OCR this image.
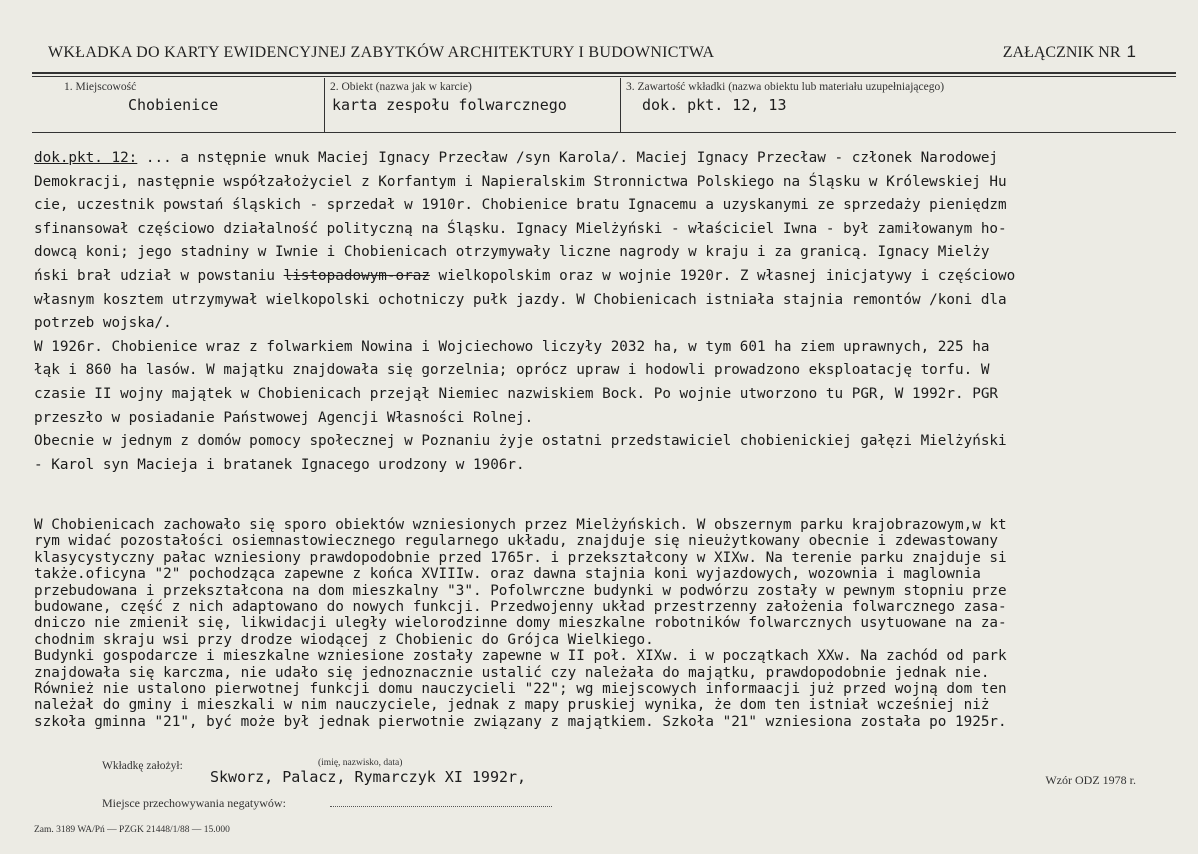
WKŁADKA DO KARTY EWIDENCYJNEJ ZABYTKÓW ARCHITEKTURY I BUDOWNICTWA	ZAŁĄCZNIK NR 1
1. Miejscowość
Chobienice
2. Obiekt (nazwa jak w karcie)
karta zespołu folwarcznego
3. Zawartość wkładki (nazwa obiektu lub materiału uzupełniającego)
dok. pkt. 12, 13
dok.pkt. 12: ... a nstępnie wnuk Maciej Ignacy Przecław /syn Karola/. Maciej Ignacy Przecław - członek Narodowej
Demokracji, następnie współzałożyciel z Korfantym i Napieralskim Stronnictwa Polskiego na Śląsku w Królewskiej Hu
cie, uczestnik powstań śląskich - sprzedał w 1910r. Chobienice bratu Ignacemu a uzyskanymi ze sprzedaży pieniędzm
sfinansował częściowo działalność polityczną na Śląsku. Ignacy Mielżyński - właściciel Iwna - był zamiłowanym ho-
dowcą koni; jego stadniny w Iwnie i Chobienicach otrzymywały liczne nagrody w kraju i za granicą. Ignacy Mielży
ński brał udział w powstaniu listopadowym-oraz wielkopolskim oraz w wojnie 1920r. Z własnej inicjatywy i częściowo
własnym kosztem utrzymywał wielkopolski ochotniczy pułk jazdy. W Chobienicach istniała stajnia remontów /koni dla
potrzeb wojska/.
W 1926r. Chobienice wraz z folwarkiem Nowina i Wojciechowo liczyły 2032 ha, w tym 601 ha ziem uprawnych, 225 ha
łąk i 860 ha lasów. W majątku znajdowała się gorzelnia; oprócz upraw i hodowli prowadzono eksploatację torfu. W
czasie II wojny majątek w Chobienicach przejął Niemiec nazwiskiem Bock. Po wojnie utworzono tu PGR, W 1992r. PGR
przeszło w posiadanie Państwowej Agencji Własności Rolnej.
Obecnie w jednym z domów pomocy społecznej w Poznaniu żyje ostatni przedstawiciel chobienickiej gałęzi Mielżyński
- Karol syn Macieja i bratanek Ignacego urodzony w 1906r.
W Chobienicach zachowało się sporo obiektów wzniesionych przez Mielżyńskich. W obszernym parku krajobrazowym,w kt
rym widać pozostałości osiemnastowiecznego regularnego układu, znajduje się nieużytkowany obecnie i zdewastowany
klasycystyczny pałac wzniesiony prawdopodobnie przed 1765r. i przekształcony w XIXw. Na terenie parku znajduje si
także.oficyna "2" pochodząca zapewne z końca XVIIIw. oraz dawna stajnia koni wyjazdowych, wozownia i maglownia
przebudowana i przekształcona na dom mieszkalny "3". Pofolwrczne budynki w podwórzu zostały w pewnym stopniu prze
budowane, część z nich adaptowano do nowych funkcji. Przedwojenny układ przestrzenny założenia folwarcznego zasa-
dniczo nie zmienił się, likwidacji uległy wielorodzinne domy mieszkalne robotników folwarcznych usytuowane na za-
chodnim skraju wsi przy drodze wiodącej z Chobienic do Grójca Wielkiego.
Budynki gospodarcze i mieszkalne wzniesione zostały zapewne w II poł. XIXw. i w początkach XXw. Na zachód od park
znajdowała się karczma, nie udało się jednoznacznie ustalić czy należała do majątku, prawdopodobnie jednak nie.
Również nie ustalono pierwotnej funkcji domu nauczycieli "22"; wg miejscowych informaacji już przed wojną dom ten
należał do gminy i mieszkali w nim nauczyciele, jednak z mapy pruskiej wynika, że dom ten istniał wcześniej niż
szkoła gminna "21", być może był jednak pierwotnie związany z majątkiem. Szkoła "21" wzniesiona została po 1925r.
Wkładkę założył:	(imię, nazwisko, data)
Skworz, Palacz, Rymarczyk XI 1992r,	Wzór ODZ 1978 r.
Miejsce przechowywania negatywów:
Zam. 3189 WA/Pń — PZGK 21448/1/88 — 15.000
